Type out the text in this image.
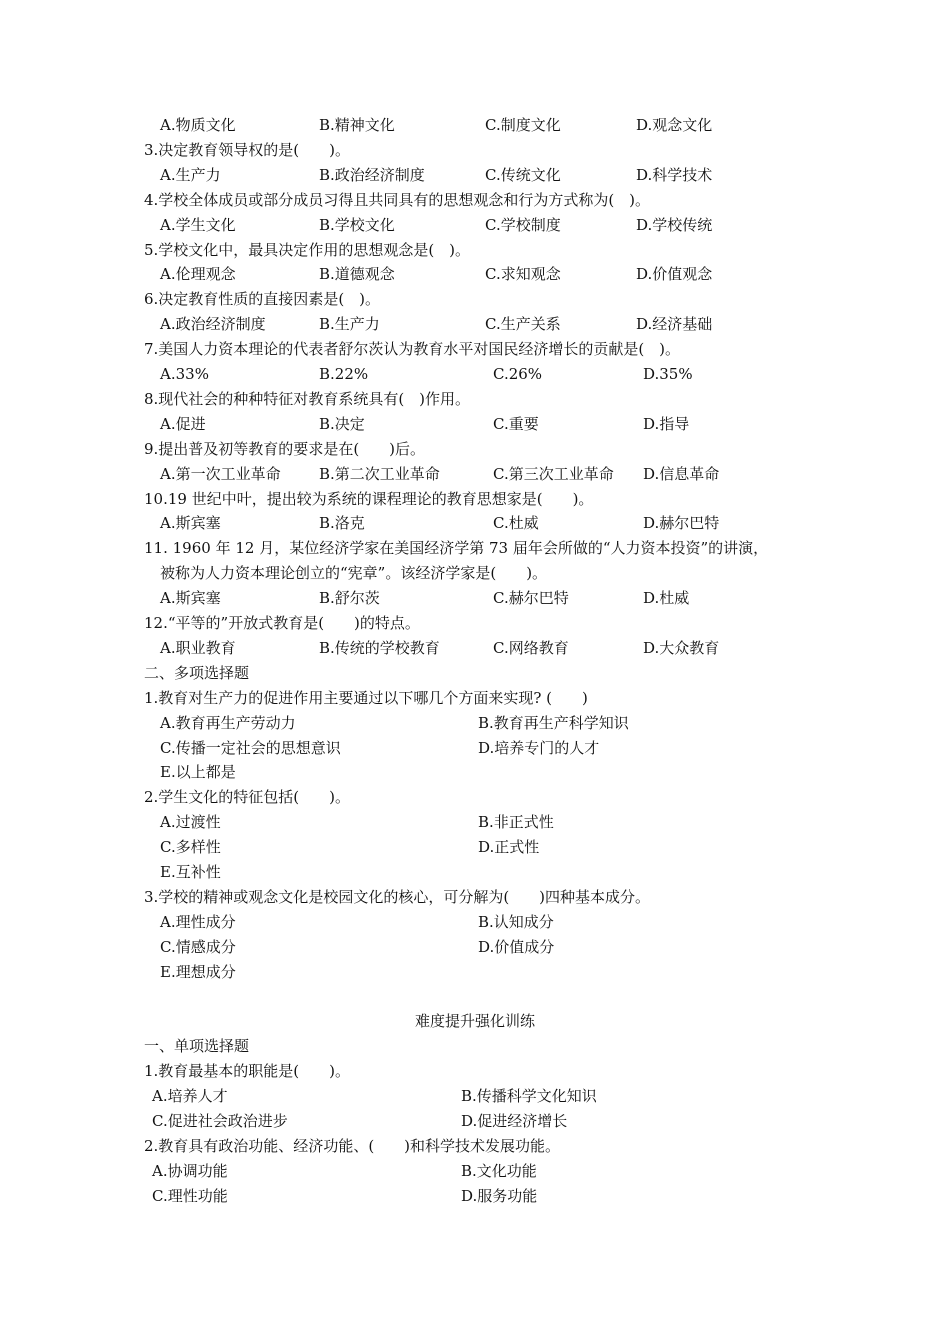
A.物质文化	B.精神文化	C.制度文化	D.观念文化
3.决定教育领导权的是(　　)。
A.生产力	B.政治经济制度	C.传统文化	D.科学技术
4.学校全体成员或部分成员习得且共同具有的思想观念和行为方式称为(　)。
A.学生文化	B.学校文化	C.学校制度	D.学校传统
5.学校文化中，最具决定作用的思想观念是(　)。
A.伦理观念	B.道德观念	C.求知观念	D.价值观念
6.决定教育性质的直接因素是(　)。
A.政治经济制度	B.生产力	C.生产关系	D.经济基础
7.美国人力资本理论的代表者舒尔茨认为教育水平对国民经济增长的贡献是(　)。
A.33%	B.22%	C.26%	D.35%
8.现代社会的种种特征对教育系统具有(　)作用。
A.促进	B.决定	C.重要	D.指导
9.提出普及初等教育的要求是在(　　)后。
A.第一次工业革命	B.第二次工业革命	C.第三次工业革命 D.信息革命
10.19 世纪中叶，提出较为系统的课程理论的教育思想家是(　　)。
A.斯宾塞	B.洛克	C.杜威	D.赫尔巴特
11. 1960 年 12 月，某位经济学家在美国经济学第 73 届年会所做的“人力资本投资”的讲演，
被称为人力资本理论创立的“宪章”。该经济学家是(　　)。
A.斯宾塞	B.舒尔茨	C.赫尔巴特	D.杜威
12.“平等的”开放式教育是(　　)的特点。
A.职业教育	B.传统的学校教育	C.网络教育	D.大众教育
二、多项选择题
1.教育对生产力的促进作用主要通过以下哪几个方面来实现? (　　)
A.教育再生产劳动力	B.教育再生产科学知识
C.传播一定社会的思想意识	D.培养专门的人才
E.以上都是
2.学生文化的特征包括(　　)。
A.过渡性	B.非正式性
C.多样性	D.正式性
E.互补性
3.学校的精神或观念文化是校园文化的核心，可分解为(　　)四种基本成分。
A.理性成分	B.认知成分
C.情感成分	D.价值成分
E.理想成分
难度提升强化训练
一、单项选择题
1.教育最基本的职能是(　　)。
A.培养人才	B.传播科学文化知识
C.促进社会政治进步	D.促进经济增长
2.教育具有政治功能、经济功能、(　　)和科学技术发展功能。
A.协调功能	B.文化功能
C.理性功能	D.服务功能
